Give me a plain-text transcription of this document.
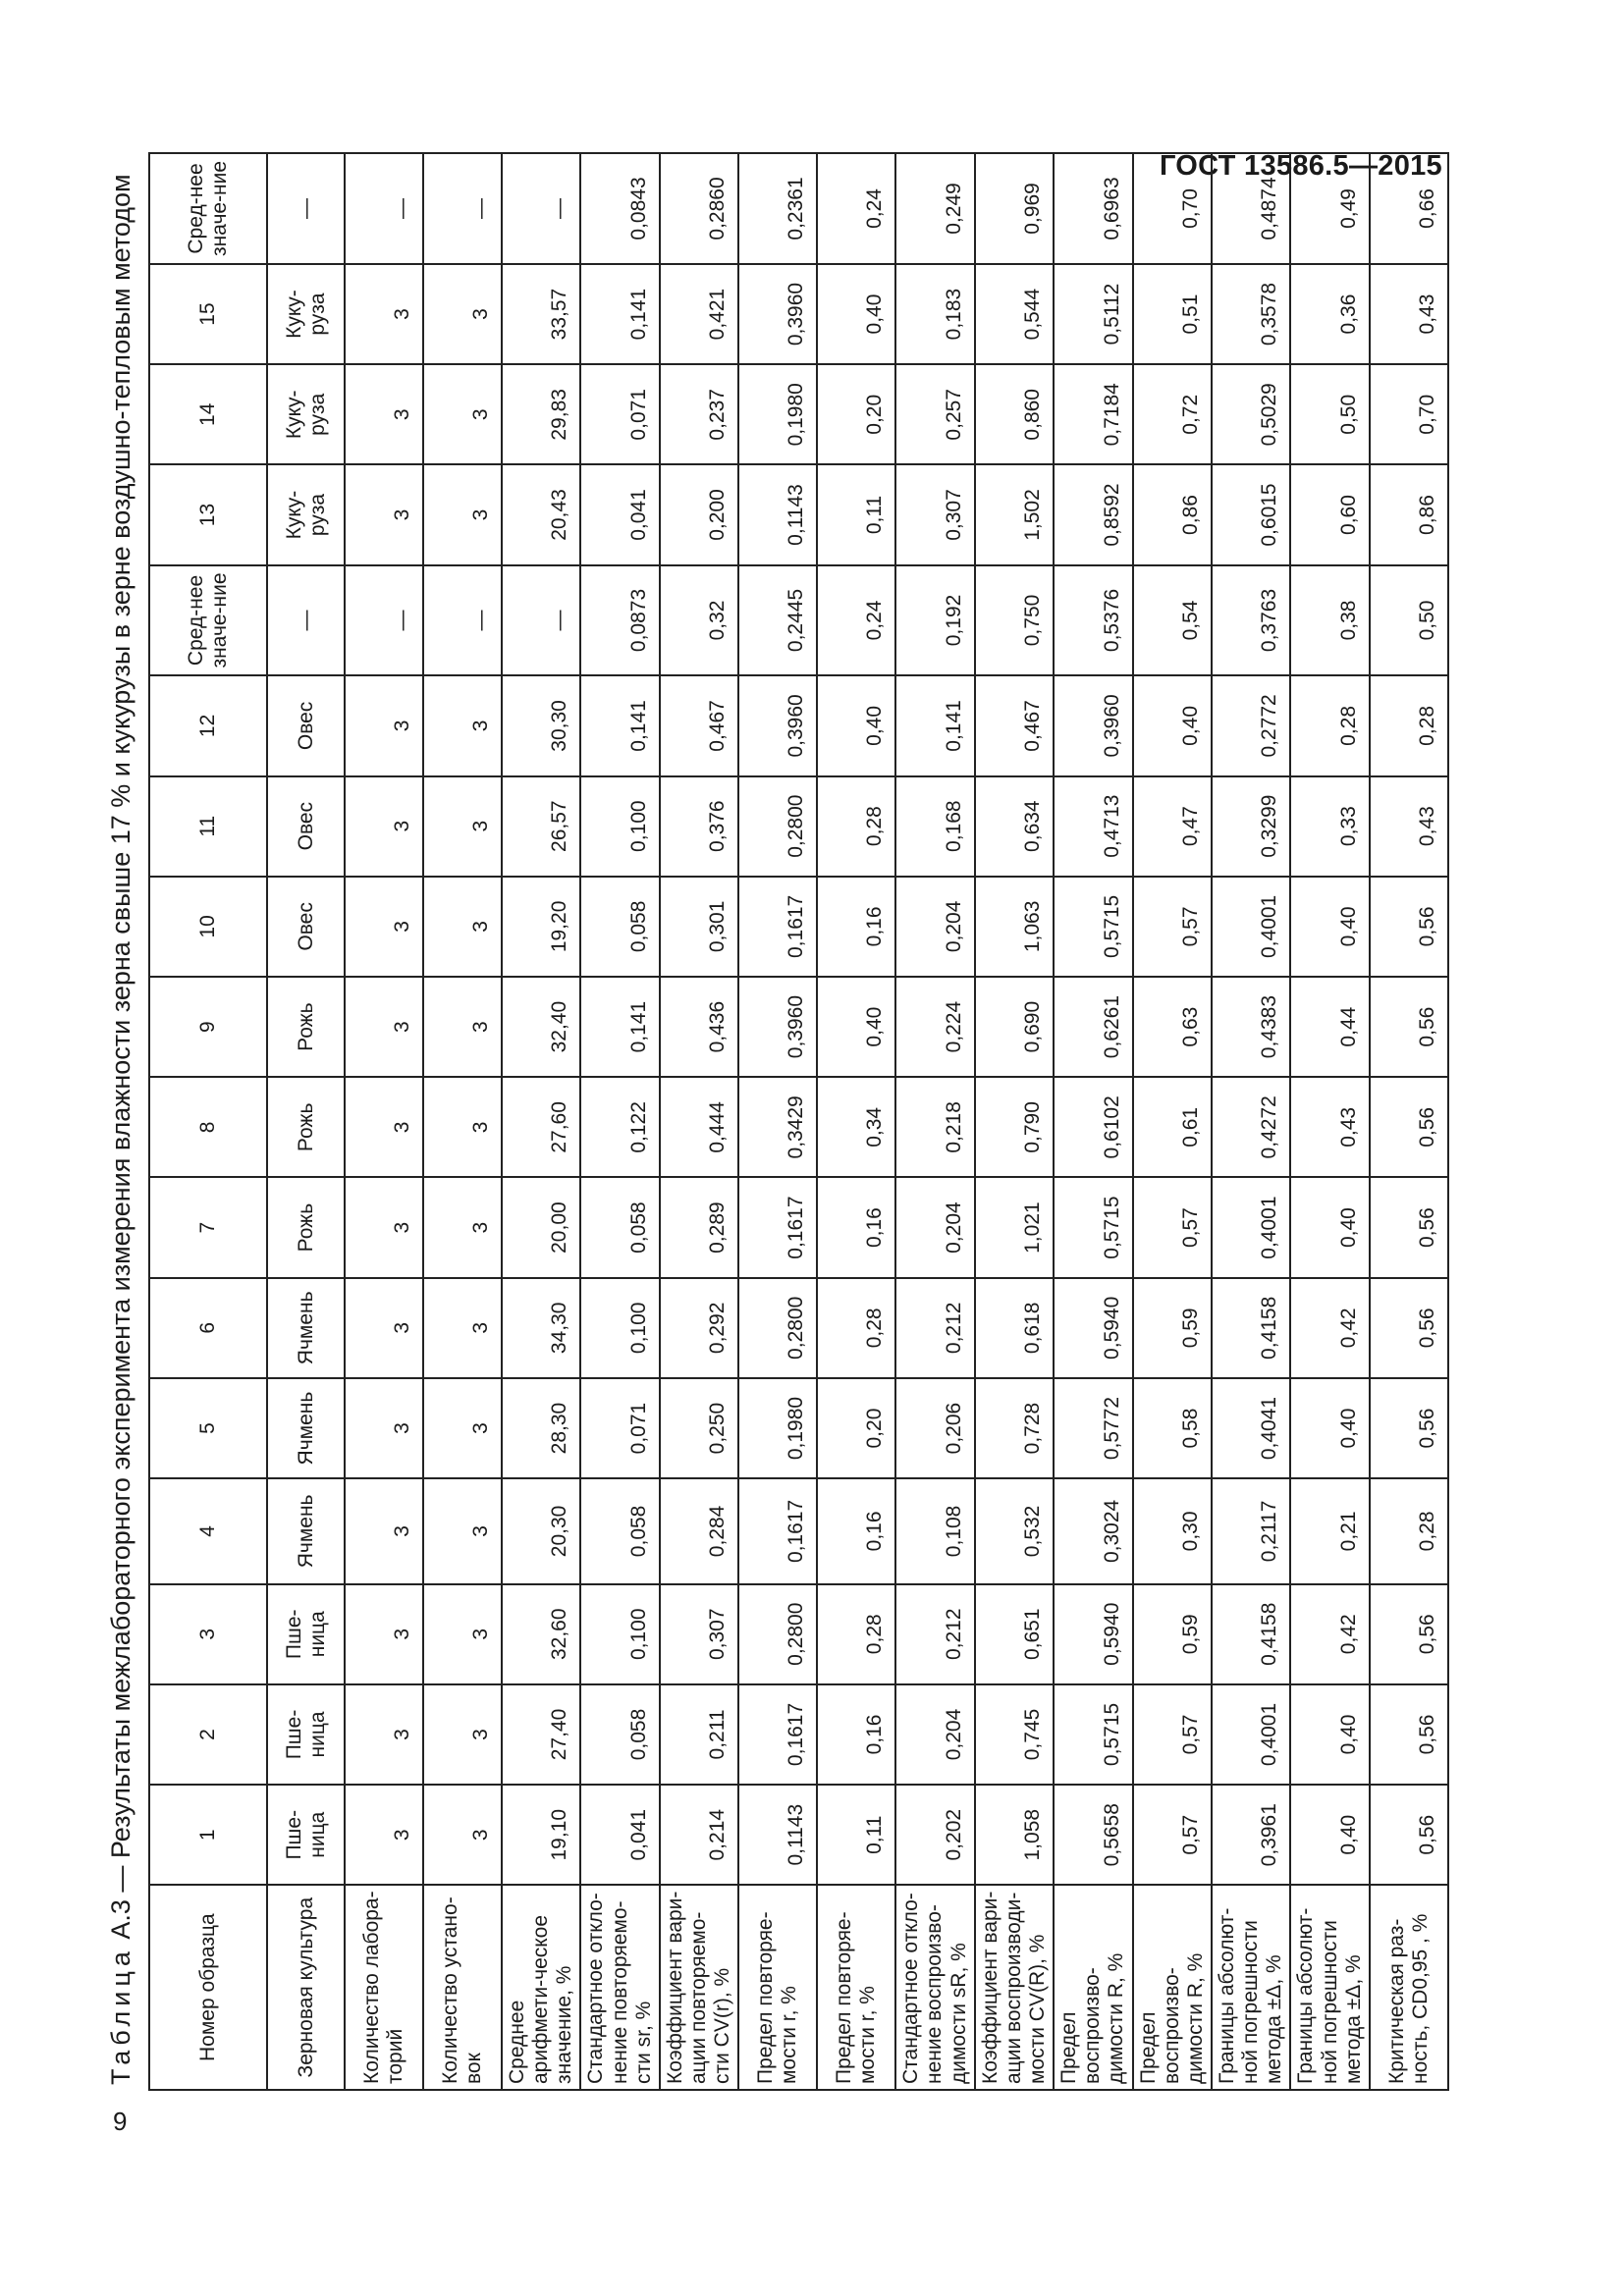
ГОСТ 13586.5—2015
Таблица А.3 — Результаты межлабораторного эксперимента измерения влажности зерна свыше 17 % и кукурузы в зерне воздушно-тепловым методом
Номер образца	1	2	3	4	5	6	7	8	9	10	11	12	Сред-нее значе-ние	13	14	15	Сред-нее значе-ние
Зерновая культура	Пше-ница	Пше-ница	Пше-ница	Ячмень	Ячмень	Ячмень	Рожь	Рожь	Рожь	Овес	Овес	Овес	—	Куку-руза	Куку-руза	Куку-руза	—
Количество лабора-торий	3	3	3	3	3	3	3	3	3	3	3	3	—	3	3	3	—
Количество устано-вок	3	3	3	3	3	3	3	3	3	3	3	3	—	3	3	3	—
Среднее арифмети-ческое значение, %	19,10	27,40	32,60	20,30	28,30	34,30	20,00	27,60	32,40	19,20	26,57	30,30	—	20,43	29,83	33,57	—
Стандартное откло-нение повторяемо-сти sr, %	0,041	0,058	0,100	0,058	0,071	0,100	0,058	0,122	0,141	0,058	0,100	0,141	0,0873	0,041	0,071	0,141	0,0843
Коэффициент вари-ации повторяемо-сти CV(r), %	0,214	0,211	0,307	0,284	0,250	0,292	0,289	0,444	0,436	0,301	0,376	0,467	0,32	0,200	0,237	0,421	0,2860
Предел повторяе-мости r, %	0,1143	0,1617	0,2800	0,1617	0,1980	0,2800	0,1617	0,3429	0,3960	0,1617	0,2800	0,3960	0,2445	0,1143	0,1980	0,3960	0,2361
Предел повторяе-мости r, %	0,11	0,16	0,28	0,16	0,20	0,28	0,16	0,34	0,40	0,16	0,28	0,40	0,24	0,11	0,20	0,40	0,24
Стандартное откло-нение воспроизво-димости sR, %	0,202	0,204	0,212	0,108	0,206	0,212	0,204	0,218	0,224	0,204	0,168	0,141	0,192	0,307	0,257	0,183	0,249
Коэффициент вари-ации воспроизводи-мости CV(R), %	1,058	0,745	0,651	0,532	0,728	0,618	1,021	0,790	0,690	1,063	0,634	0,467	0,750	1,502	0,860	0,544	0,969
Предел воспроизво-димости R, %	0,5658	0,5715	0,5940	0,3024	0,5772	0,5940	0,5715	0,6102	0,6261	0,5715	0,4713	0,3960	0,5376	0,8592	0,7184	0,5112	0,6963
Предел воспроизво-димости R, %	0,57	0,57	0,59	0,30	0,58	0,59	0,57	0,61	0,63	0,57	0,47	0,40	0,54	0,86	0,72	0,51	0,70
Границы абсолют-ной погрешности метода ±Δ, %	0,3961	0,4001	0,4158	0,2117	0,4041	0,4158	0,4001	0,4272	0,4383	0,4001	0,3299	0,2772	0,3763	0,6015	0,5029	0,3578	0,4874
Границы абсолют-ной погрешности метода ±Δ, %	0,40	0,40	0,42	0,21	0,40	0,42	0,40	0,43	0,44	0,40	0,33	0,28	0,38	0,60	0,50	0,36	0,49
Критическая раз-ность, CD0,95 , %	0,56	0,56	0,56	0,28	0,56	0,56	0,56	0,56	0,56	0,56	0,43	0,28	0,50	0,86	0,70	0,43	0,66
9
